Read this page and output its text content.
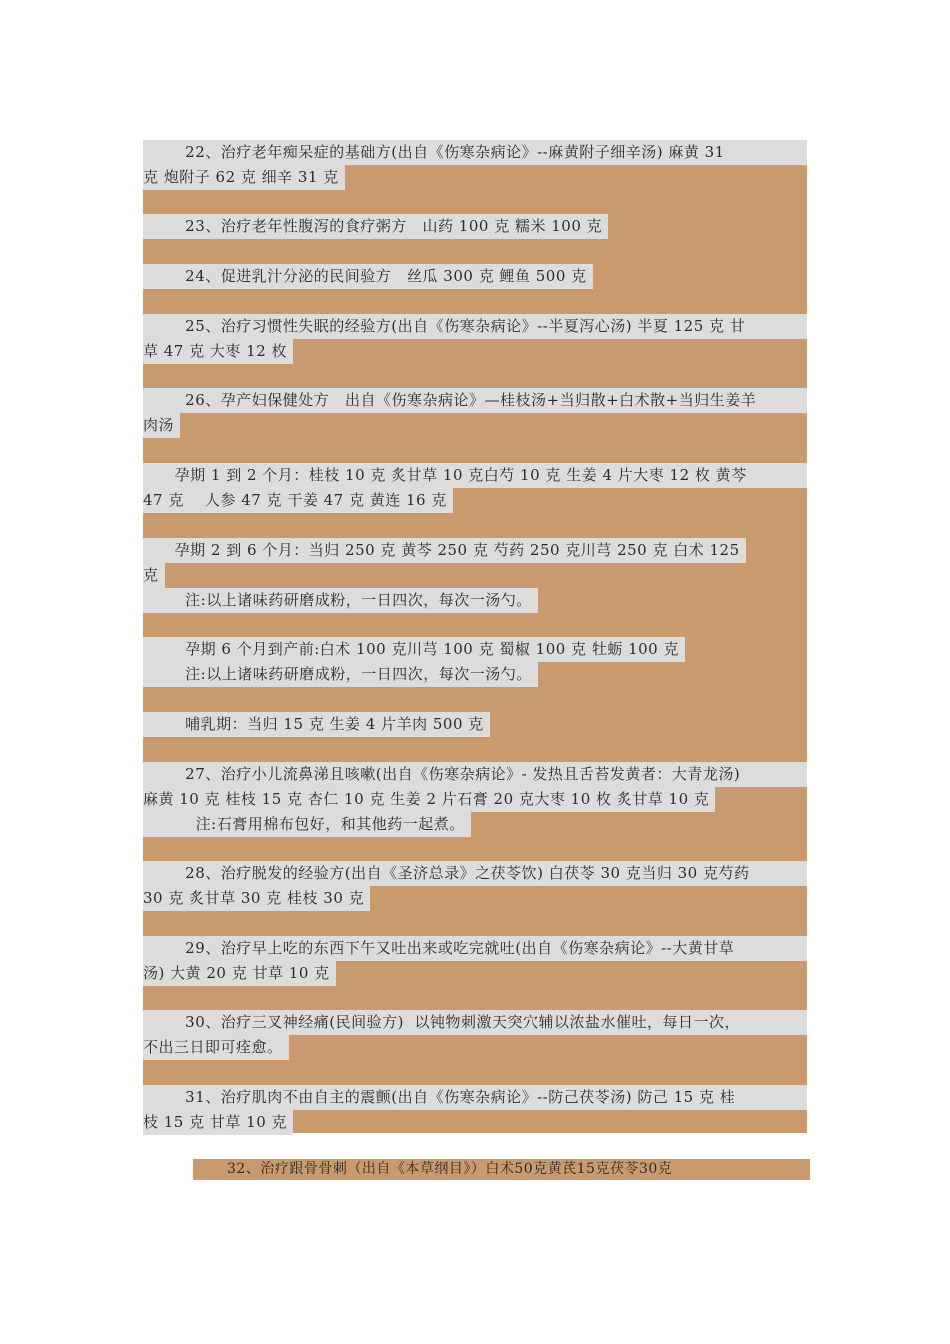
22、治疗老年痴呆症的基础方(出自《伤寒杂病论》--麻黄附子细辛汤) 麻黄 31
克 炮附子 62 克 细辛 31 克
23、治疗老年性腹泻的食疗粥方   山药 100 克 糯米 100 克
24、促进乳汁分泌的民间验方   丝瓜 300 克 鲤鱼 500 克
25、治疗习惯性失眠的经验方(出自《伤寒杂病论》--半夏泻心汤) 半夏 125 克 甘
草 47 克 大枣 12 枚
26、孕产妇保健处方   出自《伤寒杂病论》—桂枝汤+当归散+白术散+当归生姜羊
肉汤
孕期 1 到 2 个月：桂枝 10 克 炙甘草 10 克白芍 10 克 生姜 4 片大枣 12 枚 黄芩
47 克    人参 47 克 干姜 47 克 黄连 16 克
孕期 2 到 6 个月：当归 250 克 黄芩 250 克 芍药 250 克川芎 250 克 白术 125
克
注:以上诸味药研磨成粉，一日四次，每次一汤勺。
孕期 6 个月到产前:白术 100 克川芎 100 克 蜀椒 100 克 牡蛎 100 克
注:以上诸味药研磨成粉，一日四次，每次一汤勺。
哺乳期：当归 15 克 生姜 4 片羊肉 500 克
27、治疗小儿流鼻涕且咳嗽(出自《伤寒杂病论》- 发热且舌苔发黄者：大青龙汤)
麻黄 10 克 桂枝 15 克 杏仁 10 克 生姜 2 片石膏 20 克大枣 10 枚 炙甘草 10 克
注:石膏用棉布包好，和其他药一起煮。
28、治疗脱发的经验方(出自《圣济总录》之茯苓饮) 白茯苓 30 克当归 30 克芍药
30 克 炙甘草 30 克 桂枝 30 克
29、治疗早上吃的东西下午又吐出来或吃完就吐(出自《伤寒杂病论》--大黄甘草
汤) 大黄 20 克 甘草 10 克
30、治疗三叉神经痛(民间验方)  以钝物刺激天突穴辅以浓盐水催吐，每日一次，
不出三日即可痊愈。
31、治疗肌肉不由自主的震颤(出自《伤寒杂病论》--防己茯苓汤) 防己 15 克 桂
枝 15 克 甘草 10 克
32、治疗跟骨骨刺（出自《本草纲目》）白术50克黄芪15克茯苓30克
